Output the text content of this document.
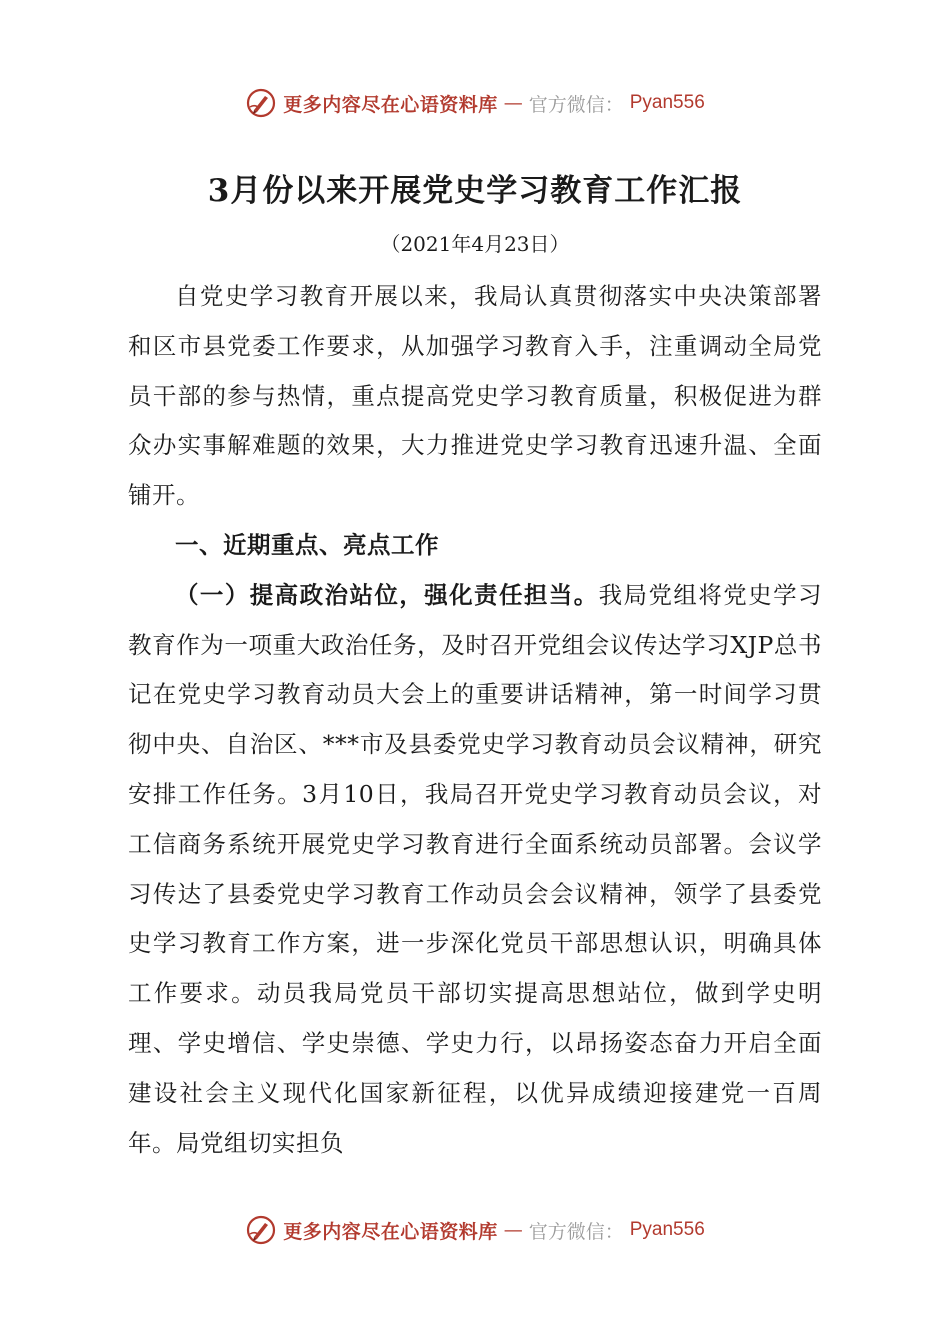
更多内容尽在心语资料库 — 官方微信： Pyan556
3月份以来开展党史学习教育工作汇报
（2021年4月23日）

自党史学习教育开展以来，我局认真贯彻落实中央决策部署和区市县党委工作要求，从加强学习教育入手，注重调动全局党员干部的参与热情，重点提高党史学习教育质量，积极促进为群众办实事解难题的效果，大力推进党史学习教育迅速升温、全面铺开。

一、近期重点、亮点工作

（一）提高政治站位，强化责任担当。我局党组将党史学习教育作为一项重大政治任务，及时召开党组会议传达学习XJP总书记在党史学习教育动员大会上的重要讲话精神，第一时间学习贯彻中央、自治区、***市及县委党史学习教育动员会议精神，研究安排工作任务。3月10日，我局召开党史学习教育动员会议，对工信商务系统开展党史学习教育进行全面系统动员部署。会议学习传达了县委党史学习教育工作动员会会议精神，领学了县委党史学习教育工作方案，进一步深化党员干部思想认识，明确具体工作要求。动员我局党员干部切实提高思想站位，做到学史明理、学史增信、学史崇德、学史力行，以昂扬姿态奋力开启全面建设社会主义现代化国家新征程，以优异成绩迎接建党一百周年。局党组切实担负

更多内容尽在心语资料库 — 官方微信： Pyan556
